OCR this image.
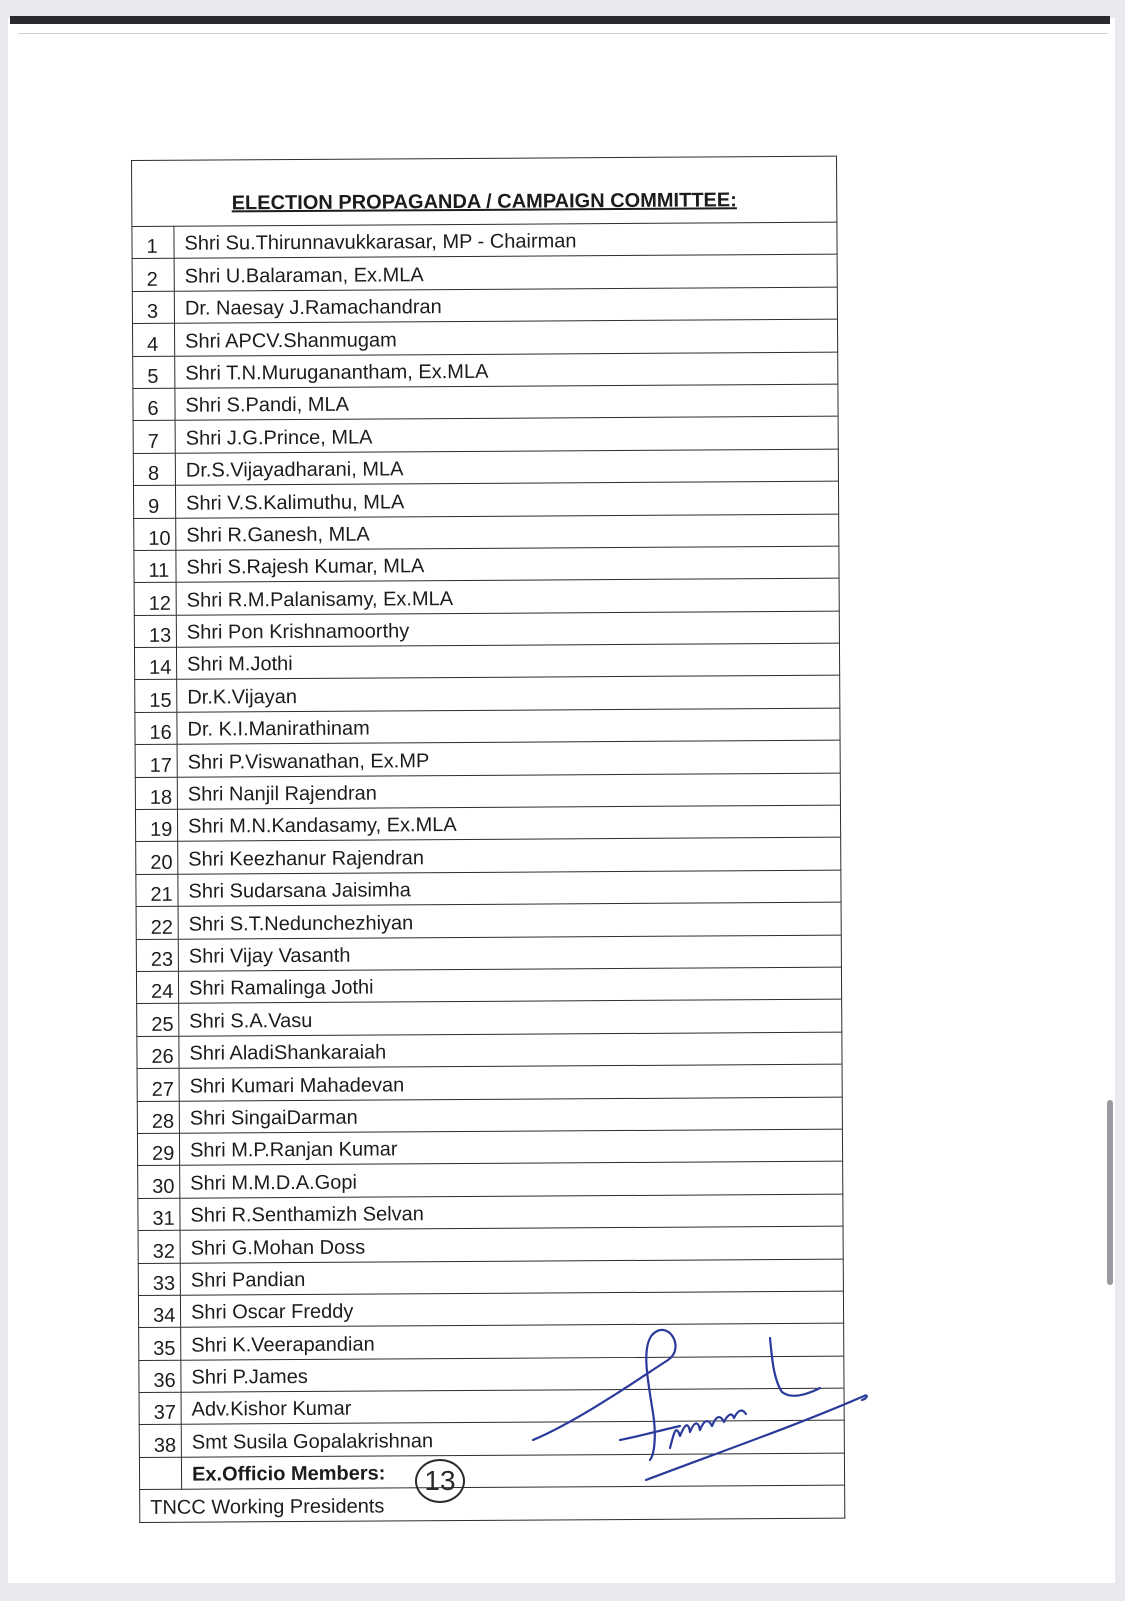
ELECTION PROPAGANDA / CAMPAIGN COMMITTEE:	
1	Shri Su.Thirunnavukkarasar, MP - Chairman
2	Shri U.Balaraman, Ex.MLA
3	Dr. Naesay J.Ramachandran
4	Shri APCV.Shanmugam
5	Shri T.N.Muruganantham, Ex.MLA
6	Shri S.Pandi, MLA
7	Shri J.G.Prince, MLA
8	Dr.S.Vijayadharani, MLA
9	Shri V.S.Kalimuthu, MLA
10	Shri R.Ganesh, MLA
11	Shri S.Rajesh Kumar, MLA
12	Shri R.M.Palanisamy, Ex.MLA
13	Shri Pon Krishnamoorthy
14	Shri M.Jothi
15	Dr.K.Vijayan
16	Dr. K.I.Manirathinam
17	Shri P.Viswanathan, Ex.MP
18	Shri Nanjil Rajendran
19	Shri M.N.Kandasamy, Ex.MLA
20	Shri Keezhanur Rajendran
21	Shri Sudarsana Jaisimha
22	Shri S.T.Nedunchezhiyan
23	Shri Vijay Vasanth
24	Shri Ramalinga Jothi
25	Shri S.A.Vasu
26	Shri AladiShankaraiah
27	Shri Kumari Mahadevan
28	Shri SingaiDarman
29	Shri M.P.Ranjan Kumar
30	Shri M.M.D.A.Gopi
31	Shri R.Senthamizh Selvan
32	Shri G.Mohan Doss
33	Shri Pandian
34	Shri Oscar Freddy
35	Shri K.Veerapandian
36	Shri P.James
37	Adv.Kishor Kumar
38	Smt Susila Gopalakrishnan
	Ex.Officio Members:
TNCC Working Presidents	
13
